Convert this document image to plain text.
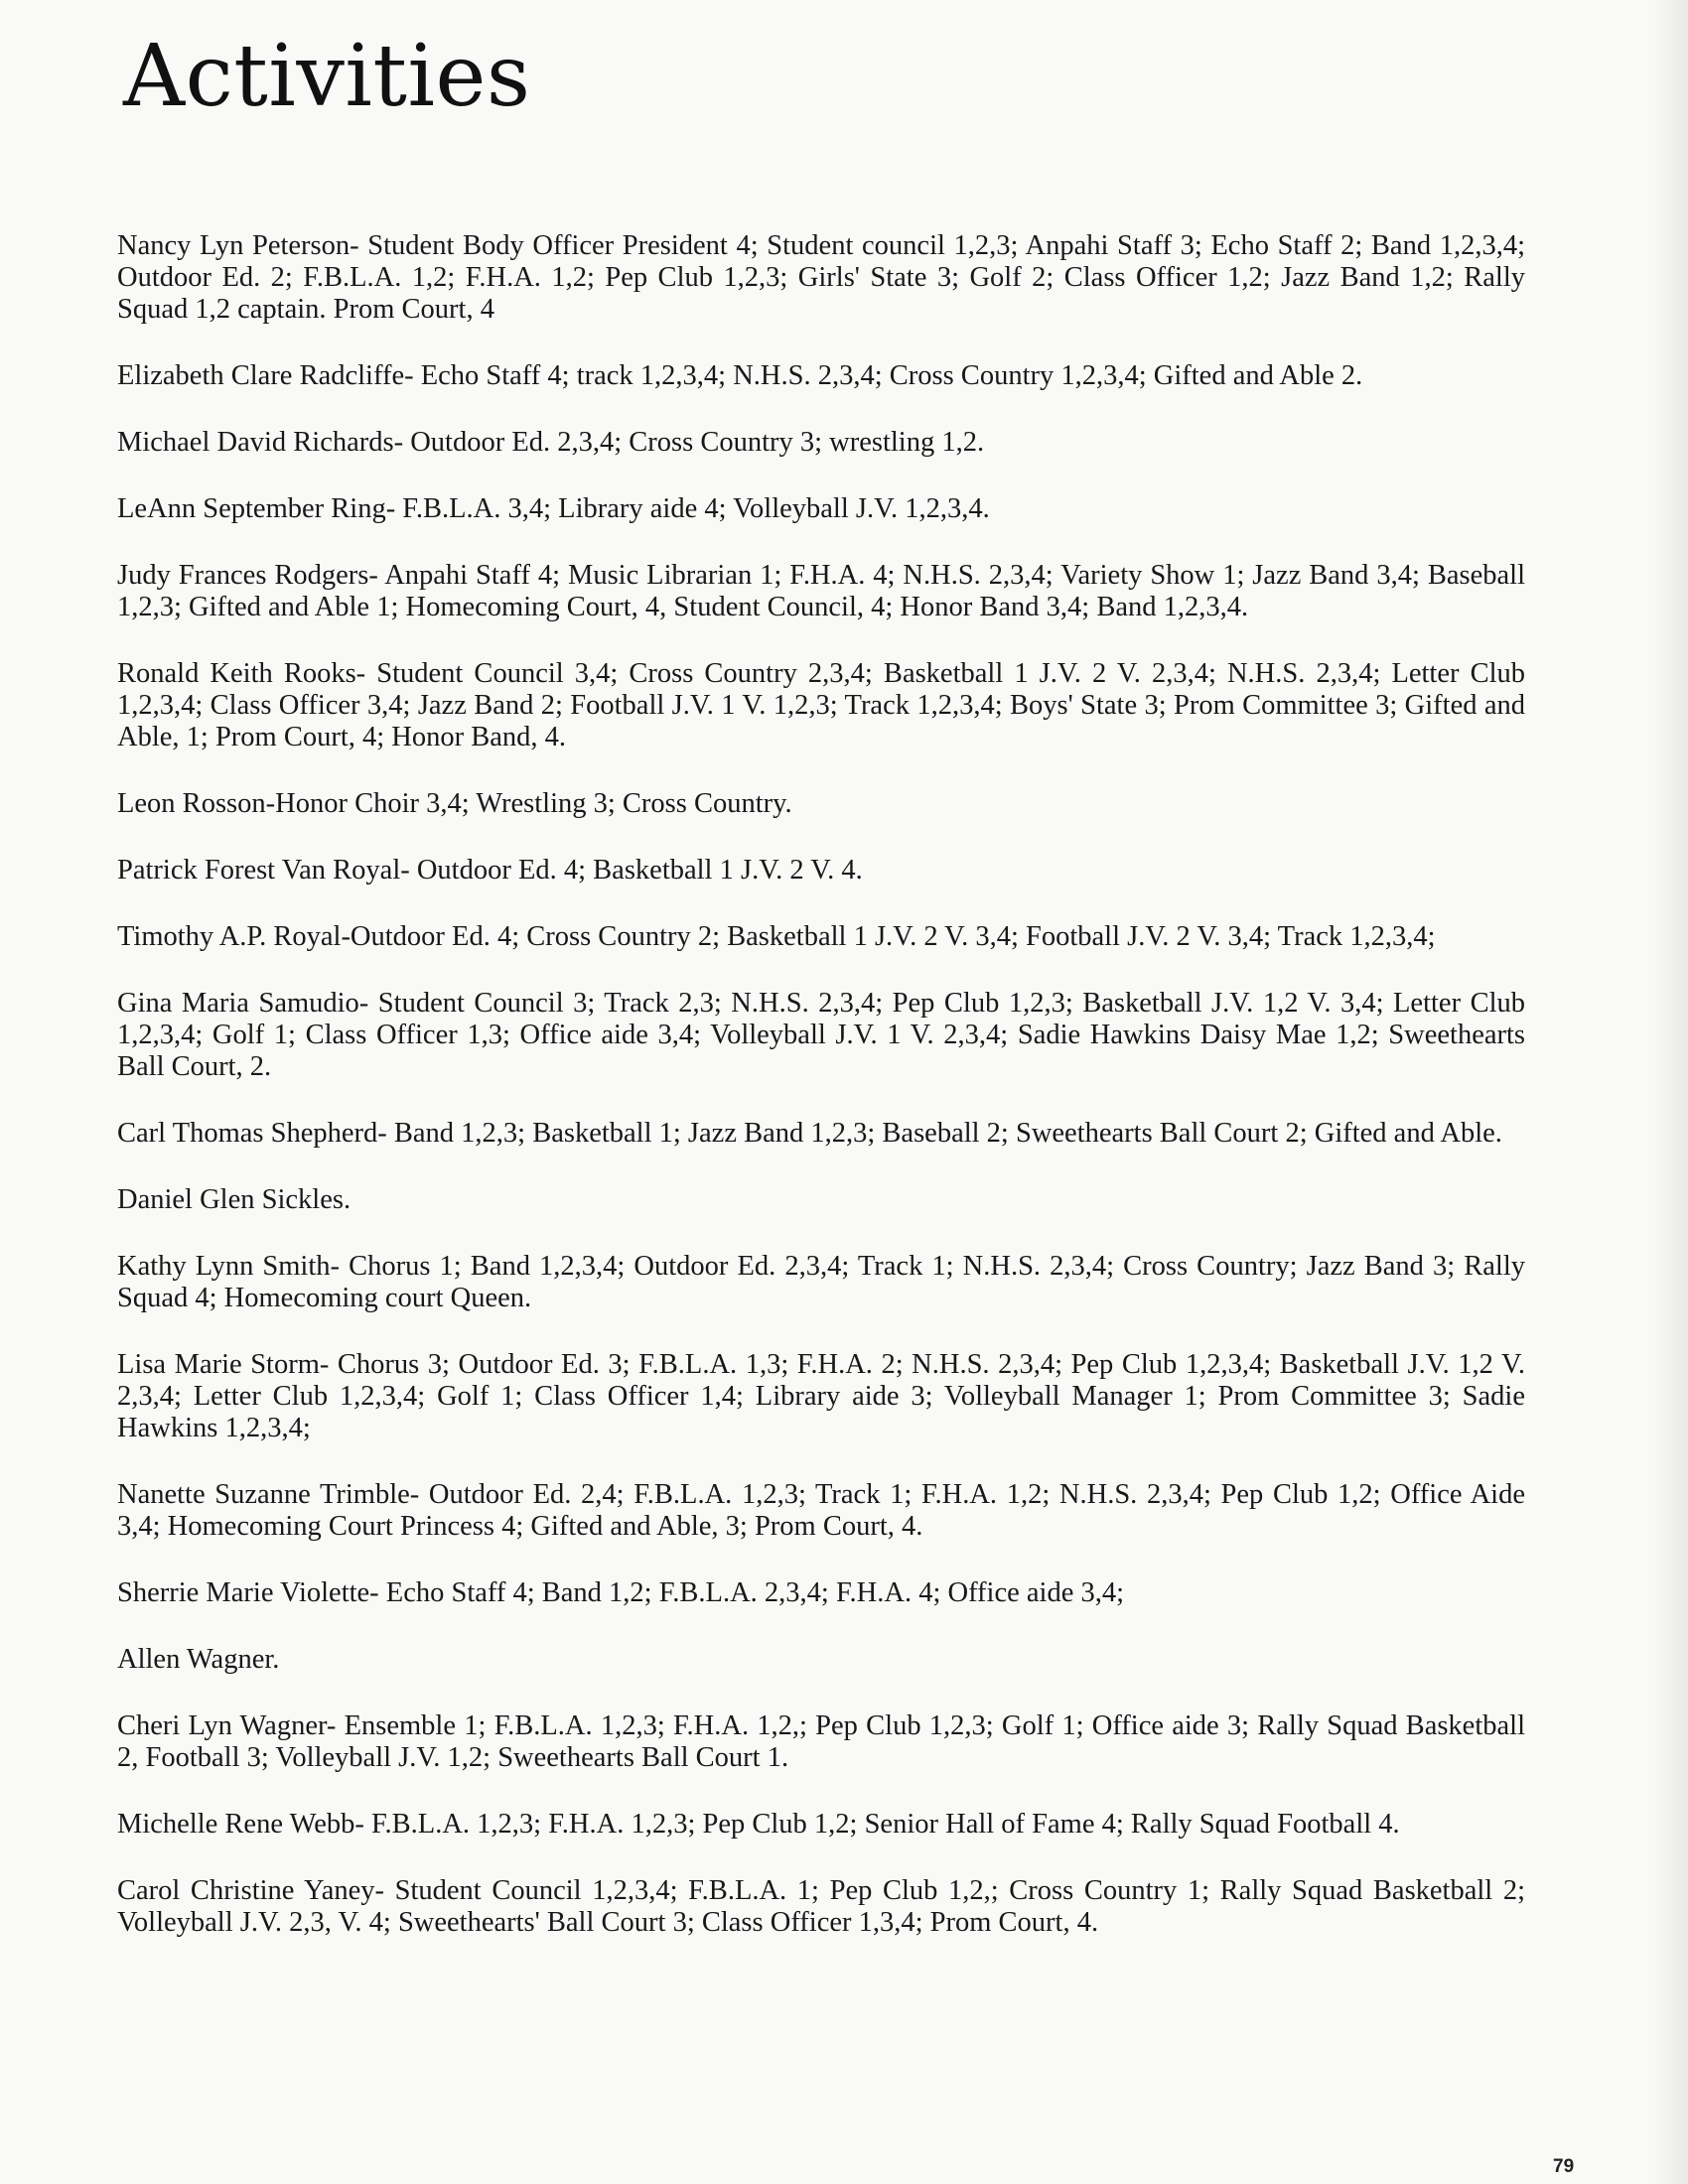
Activities

Nancy Lyn Peterson- Student Body Officer President 4; Student council 1,2,3; Anpahi Staff 3; Echo Staff 2; Band 1,2,3,4; Outdoor Ed. 2; F.B.L.A. 1,2; F.H.A. 1,2; Pep Club 1,2,3; Girls' State 3; Golf 2; Class Officer 1,2; Jazz Band 1,2; Rally Squad 1,2 captain. Prom Court, 4

Elizabeth Clare Radcliffe- Echo Staff 4; track 1,2,3,4; N.H.S. 2,3,4; Cross Country 1,2,3,4; Gifted and Able 2.

Michael David Richards- Outdoor Ed. 2,3,4; Cross Country 3; wrestling 1,2.

LeAnn September Ring- F.B.L.A. 3,4; Library aide 4; Volleyball J.V. 1,2,3,4.

Judy Frances Rodgers- Anpahi Staff 4; Music Librarian 1; F.H.A. 4; N.H.S. 2,3,4; Variety Show 1; Jazz Band 3,4; Baseball 1,2,3; Gifted and Able 1; Homecoming Court, 4, Student Council, 4; Honor Band 3,4; Band 1,2,3,4.

Ronald Keith Rooks- Student Council 3,4; Cross Country 2,3,4; Basketball 1 J.V. 2 V. 2,3,4; N.H.S. 2,3,4; Letter Club 1,2,3,4; Class Officer 3,4; Jazz Band 2; Football J.V. 1 V. 1,2,3; Track 1,2,3,4; Boys' State 3; Prom Committee 3; Gifted and Able, 1; Prom Court, 4; Honor Band, 4.

Leon Rosson-Honor Choir 3,4; Wrestling 3; Cross Country.

Patrick Forest Van Royal- Outdoor Ed. 4; Basketball 1 J.V. 2 V. 4.

Timothy A.P. Royal-Outdoor Ed. 4; Cross Country 2; Basketball 1 J.V. 2 V. 3,4; Football J.V. 2 V. 3,4; Track 1,2,3,4;

Gina Maria Samudio- Student Council 3; Track 2,3; N.H.S. 2,3,4; Pep Club 1,2,3; Basketball J.V. 1,2 V. 3,4; Letter Club 1,2,3,4; Golf 1; Class Officer 1,3; Office aide 3,4; Volleyball J.V. 1 V. 2,3,4; Sadie Hawkins Daisy Mae 1,2; Sweethearts Ball Court, 2.

Carl Thomas Shepherd- Band 1,2,3; Basketball 1; Jazz Band 1,2,3; Baseball 2; Sweethearts Ball Court 2; Gifted and Able.

Daniel Glen Sickles.

Kathy Lynn Smith- Chorus 1; Band 1,2,3,4; Outdoor Ed. 2,3,4; Track 1; N.H.S. 2,3,4; Cross Country; Jazz Band 3; Rally Squad 4; Homecoming court Queen.

Lisa Marie Storm- Chorus 3; Outdoor Ed. 3; F.B.L.A. 1,3; F.H.A. 2; N.H.S. 2,3,4; Pep Club 1,2,3,4; Basketball J.V. 1,2 V. 2,3,4; Letter Club 1,2,3,4; Golf 1; Class Officer 1,4; Library aide 3; Volleyball Manager 1; Prom Committee 3; Sadie Hawkins 1,2,3,4;

Nanette Suzanne Trimble- Outdoor Ed. 2,4; F.B.L.A. 1,2,3; Track 1; F.H.A. 1,2; N.H.S. 2,3,4; Pep Club 1,2; Office Aide 3,4; Homecoming Court Princess 4; Gifted and Able, 3; Prom Court, 4.

Sherrie Marie Violette- Echo Staff 4; Band 1,2; F.B.L.A. 2,3,4; F.H.A. 4; Office aide 3,4;

Allen Wagner.

Cheri Lyn Wagner- Ensemble 1; F.B.L.A. 1,2,3; F.H.A. 1,2,; Pep Club 1,2,3; Golf 1; Office aide 3; Rally Squad Basketball 2, Football 3; Volleyball J.V. 1,2; Sweethearts Ball Court 1.

Michelle Rene Webb- F.B.L.A. 1,2,3; F.H.A. 1,2,3; Pep Club 1,2; Senior Hall of Fame 4; Rally Squad Football 4.

Carol Christine Yaney- Student Council 1,2,3,4; F.B.L.A. 1; Pep Club 1,2,; Cross Country 1; Rally Squad Basketball 2; Volleyball J.V. 2,3, V. 4; Sweethearts' Ball Court 3; Class Officer 1,3,4; Prom Court, 4.

79
